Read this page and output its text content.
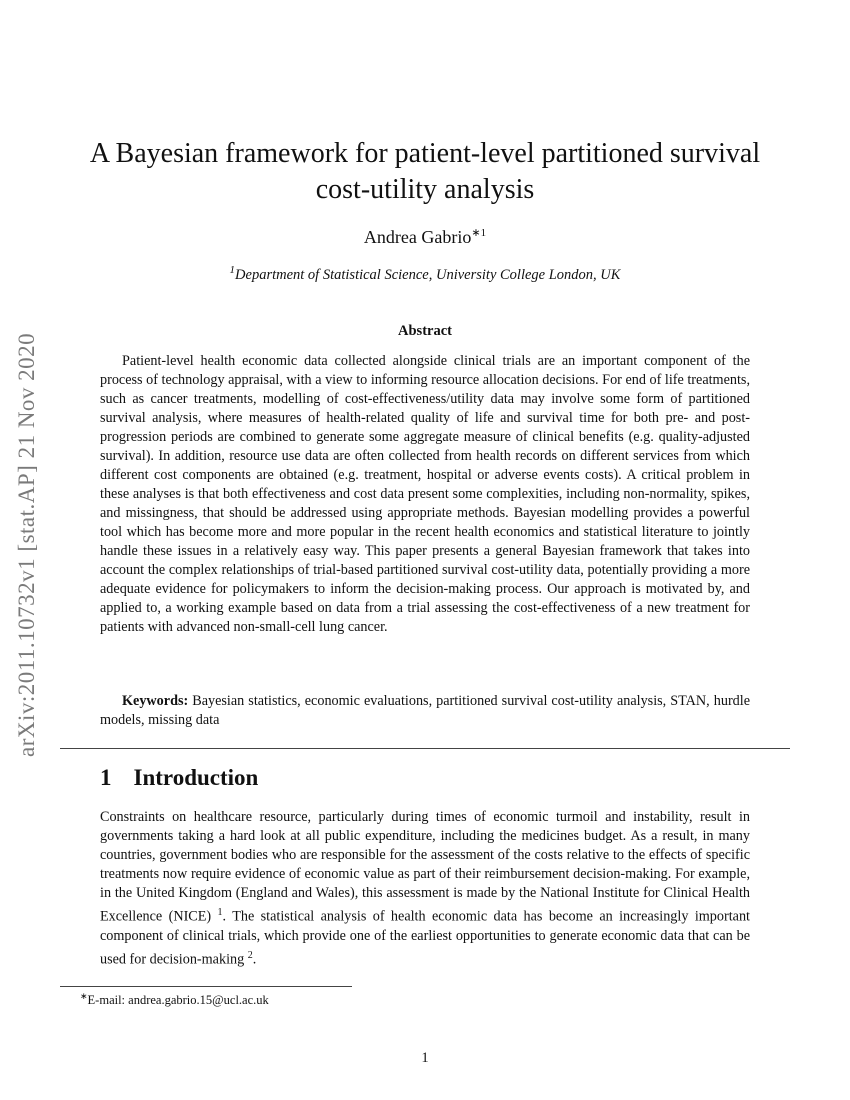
arXiv:2011.10732v1 [stat.AP] 21 Nov 2020
A Bayesian framework for patient-level partitioned survival cost-utility analysis
Andrea Gabrio$^{∗1}$
$^1$Department of Statistical Science, University College London, UK
Abstract

Patient-level health economic data collected alongside clinical trials are an important component of the process of technology appraisal, with a view to informing resource allocation decisions. For end of life treatments, such as cancer treatments, modelling of cost-effectiveness/utility data may involve some form of partitioned survival analysis, where measures of health-related quality of life and survival time for both pre- and post-progression periods are combined to generate some aggregate measure of clinical benefits (e.g. quality-adjusted survival). In addition, resource use data are often collected from health records on different services from which different cost components are obtained (e.g. treatment, hospital or adverse events costs). A critical problem in these analyses is that both effectiveness and cost data present some complexities, including non-normality, spikes, and missingness, that should be addressed using appropriate methods. Bayesian modelling provides a powerful tool which has become more and more popular in the recent health economics and statistical literature to jointly handle these issues in a relatively easy way. This paper presents a general Bayesian framework that takes into account the complex relationships of trial-based partitioned survival cost-utility data, potentially providing a more adequate evidence for policymakers to inform the decision-making process. Our approach is motivated by, and applied to, a working example based on data from a trial assessing the cost-effectiveness of a new treatment for patients with advanced non-small-cell lung cancer.

Keywords: Bayesian statistics, economic evaluations, partitioned survival cost-utility analysis, STAN, hurdle models, missing data

1 Introduction

Constraints on healthcare resource, particularly during times of economic turmoil and instability, result in governments taking a hard look at all public expenditure, including the medicines budget. As a result, in many countries, government bodies who are responsible for the assessment of the costs relative to the effects of specific treatments now require evidence of economic value as part of their reimbursement decision-making. For example, in the United Kingdom (England and Wales), this assessment is made by the National Institute for Clinical Health Excellence (NICE) $^1$. The statistical analysis of health economic data has become an increasingly important component of clinical trials, which provide one of the earliest opportunities to generate economic data that can be used for decision-making $^2$.

∗E-mail: andrea.gabrio.15@ucl.ac.uk
1
